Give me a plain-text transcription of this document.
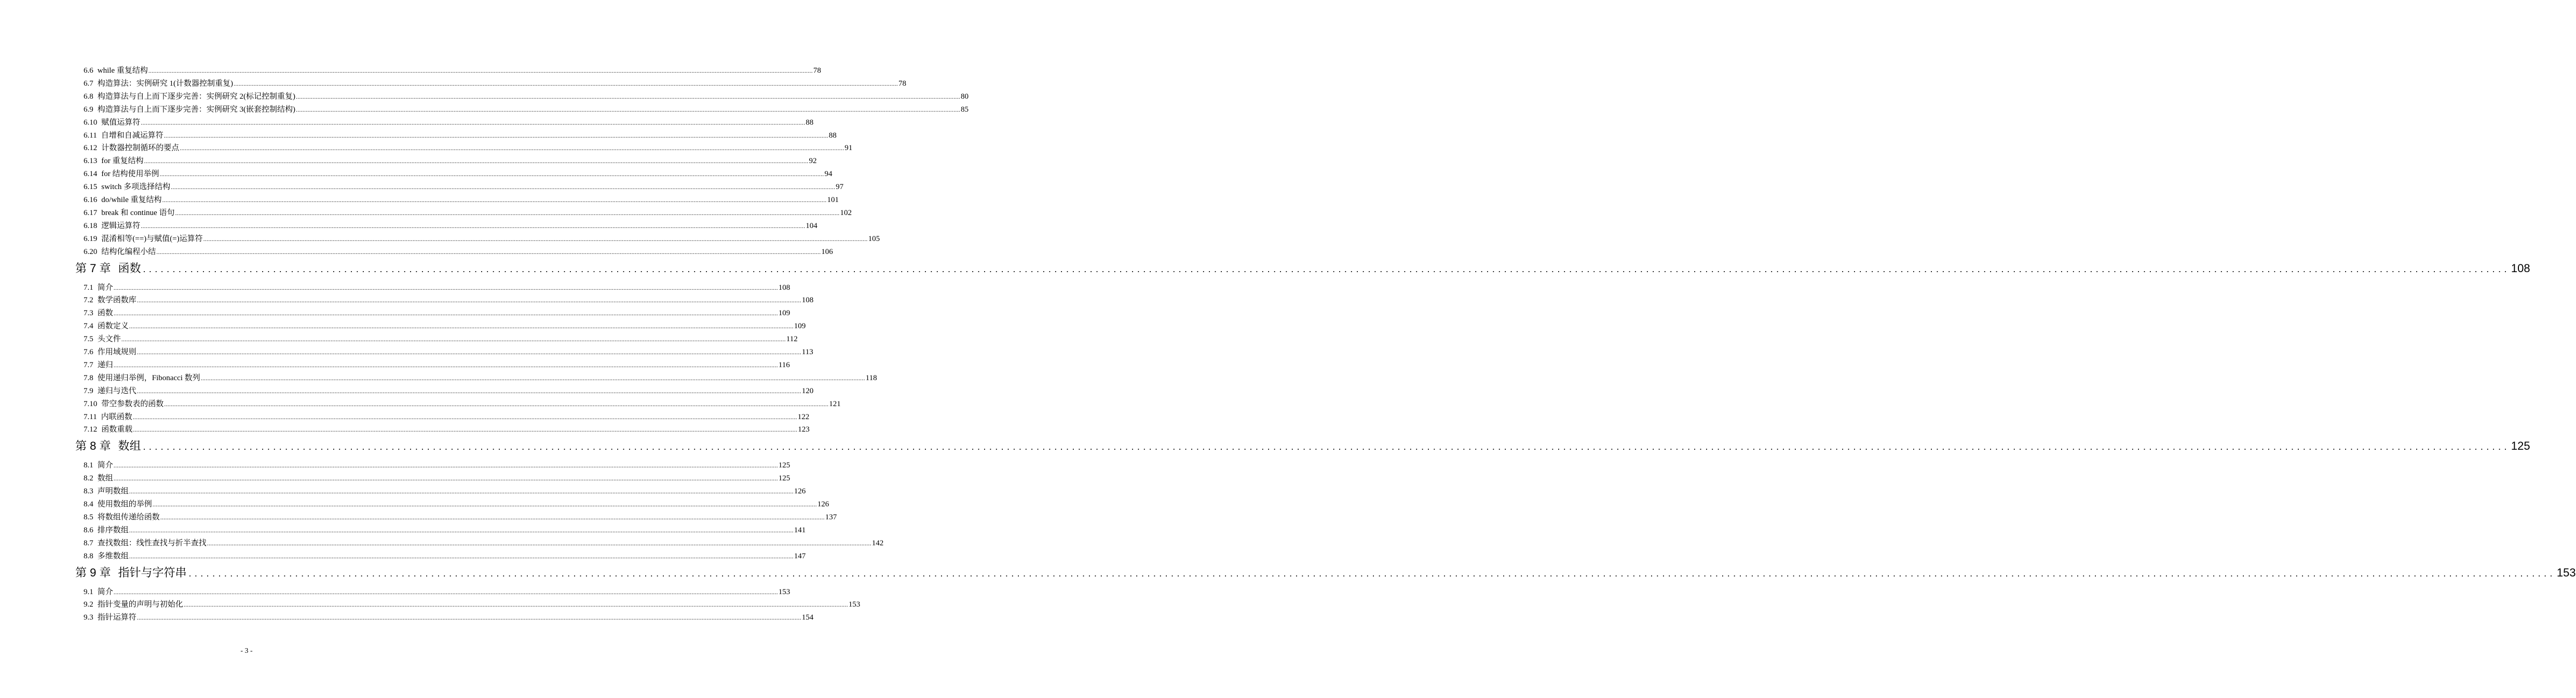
6.6 while 重复结构 ................................................................................................................................................................................................................................................................................................................................................................................................................ 78
6.7 构造算法：实例研究 1(计数器控制重复) ................................................................................................................................................................................................................................................................................................................................................................................................................ 78
6.8 构造算法与自上而下逐步完善：实例研究 2(标记控制重复) ................................................................................................................................................................................................................................................................................................................................................................................................................ 80
6.9 构造算法与自上而下逐步完善：实例研究 3(嵌套控制结构) ................................................................................................................................................................................................................................................................................................................................................................................................................ 85
6.10 赋值运算符 ................................................................................................................................................................................................................................................................................................................................................................................................................ 88
6.11 自增和自减运算符 ................................................................................................................................................................................................................................................................................................................................................................................................................ 88
6.12 计数器控制循环的要点 ................................................................................................................................................................................................................................................................................................................................................................................................................ 91
6.13 for 重复结构 ................................................................................................................................................................................................................................................................................................................................................................................................................ 92
6.14 for 结构使用举例 ................................................................................................................................................................................................................................................................................................................................................................................................................ 94
6.15 switch 多项选择结构 ................................................................................................................................................................................................................................................................................................................................................................................................................ 97
6.16 do/while 重复结构 ................................................................................................................................................................................................................................................................................................................................................................................................................ 101
6.17 break 和 continue 语句 ................................................................................................................................................................................................................................................................................................................................................................................................................ 102
6.18 逻辑运算符 ................................................................................................................................................................................................................................................................................................................................................................................................................ 104
6.19 混淆相等(==)与赋值(=)运算符 ................................................................................................................................................................................................................................................................................................................................................................................................................ 105
6.20 结构化编程小结 ................................................................................................................................................................................................................................................................................................................................................................................................................ 106
第 7 章 函数 ................................................................................................................................................................................................................................................................................................................................................................................................................ 108
7.1 简介 ................................................................................................................................................................................................................................................................................................................................................................................................................ 108
7.2 数学函数库 ................................................................................................................................................................................................................................................................................................................................................................................................................ 108
7.3 函数 ................................................................................................................................................................................................................................................................................................................................................................................................................ 109
7.4 函数定义 ................................................................................................................................................................................................................................................................................................................................................................................................................ 109
7.5 头文件 ................................................................................................................................................................................................................................................................................................................................................................................................................ 112
7.6 作用域规则 ................................................................................................................................................................................................................................................................................................................................................................................................................ 113
7.7 递归 ................................................................................................................................................................................................................................................................................................................................................................................................................ 116
7.8 使用递归举例，Fibonacci 数列 ................................................................................................................................................................................................................................................................................................................................................................................................................ 118
7.9 递归与迭代 ................................................................................................................................................................................................................................................................................................................................................................................................................ 120
7.10 带空参数表的函数 ................................................................................................................................................................................................................................................................................................................................................................................................................ 121
7.11 内联函数 ................................................................................................................................................................................................................................................................................................................................................................................................................ 122
7.12 函数重载 ................................................................................................................................................................................................................................................................................................................................................................................................................ 123
第 8 章 数组 ................................................................................................................................................................................................................................................................................................................................................................................................................ 125
8.1 简介 ................................................................................................................................................................................................................................................................................................................................................................................................................ 125
8.2 数组 ................................................................................................................................................................................................................................................................................................................................................................................................................ 125
8.3 声明数组 ................................................................................................................................................................................................................................................................................................................................................................................................................ 126
8.4 使用数组的举例 ................................................................................................................................................................................................................................................................................................................................................................................................................ 126
8.5 将数组传递给函数 ................................................................................................................................................................................................................................................................................................................................................................................................................ 137
8.6 排序数组 ................................................................................................................................................................................................................................................................................................................................................................................................................ 141
8.7 查找数组：线性查找与折半查找 ................................................................................................................................................................................................................................................................................................................................................................................................................ 142
8.8 多维数组 ................................................................................................................................................................................................................................................................................................................................................................................................................ 147
第 9 章 指针与字符串 ................................................................................................................................................................................................................................................................................................................................................................................................................ 153
9.1 简介 ................................................................................................................................................................................................................................................................................................................................................................................................................ 153
9.2 指针变量的声明与初始化 ................................................................................................................................................................................................................................................................................................................................................................................................................ 153
9.3 指针运算符 ................................................................................................................................................................................................................................................................................................................................................................................................................ 154
- 3 -
